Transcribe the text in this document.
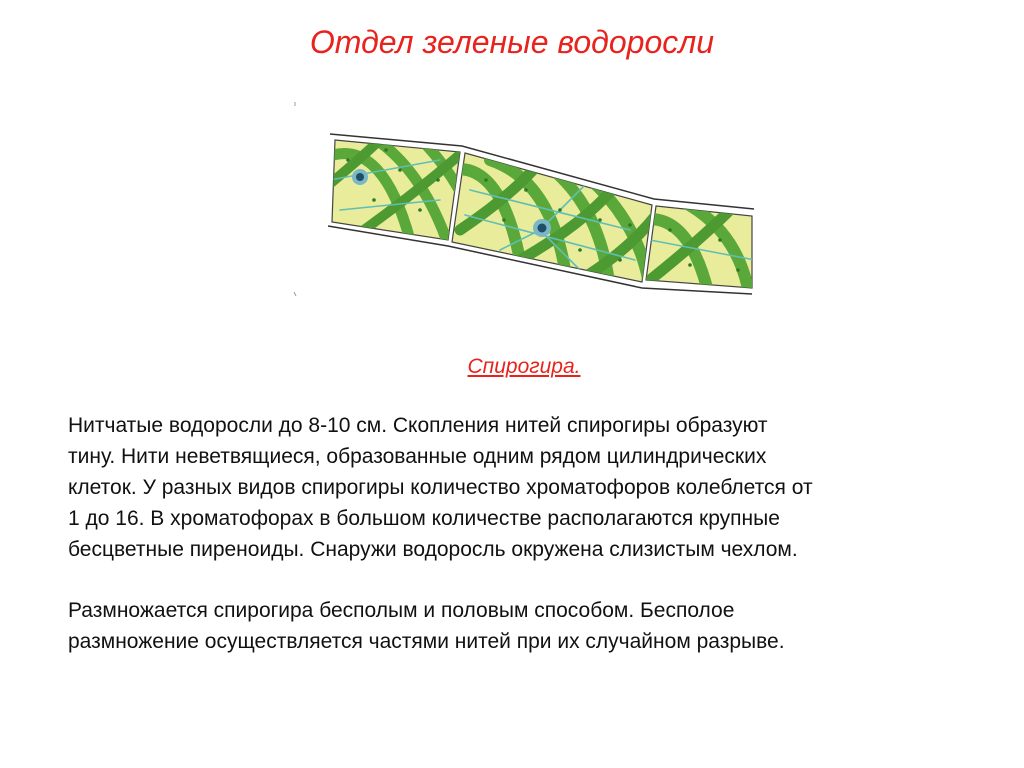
Отдел зеленые водоросли
Спирогира.
Нитчатые водоросли до 8-10 см. Скопления нитей спирогиры образуют
тину. Нити неветвящиеся, образованные одним рядом цилиндрических
клеток. У разных видов спирогиры количество хроматофоров колеблется от
1 до 16. В хроматофорах в большом количестве располагаются крупные
бесцветные пиреноиды. Снаружи водоросль окружена слизистым чехлом.
Размножается спирогира бесполым и половым способом. Бесполое
размножение осуществляется частями нитей при их случайном разрыве.
